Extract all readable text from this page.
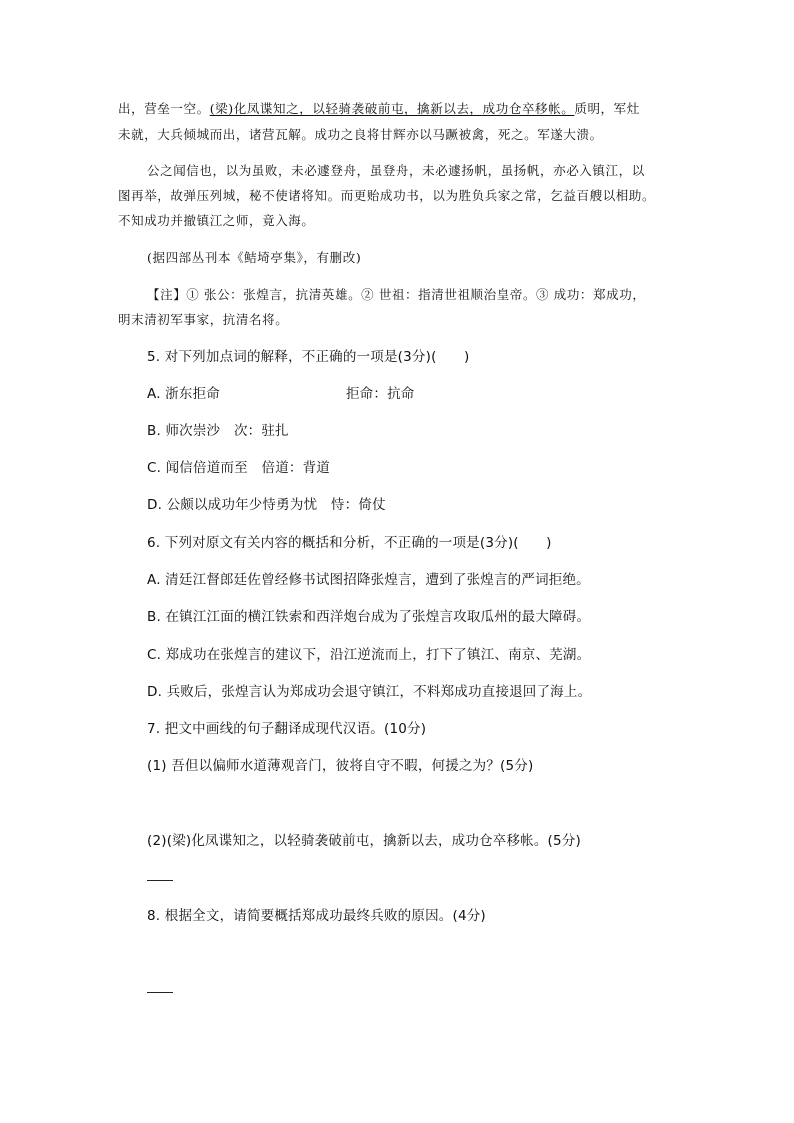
出，营垒一空。(梁)化凤谍知之，以轻骑袭破前屯，擒新以去，成功仓卒移帐。质明，军灶

未就，大兵倾城而出，诸营瓦解。成功之良将甘辉亦以马蹶被禽，死之。军遂大溃。

公之闻信也，以为虽败，未必遽登舟，虽登舟，未必遽扬帆，虽扬帆，亦必入镇江，以

图再举，故弹压列城，秘不使诸将知。而更贻成功书，以为胜负兵家之常，乞益百艘以相助。

不知成功并撤镇江之师，竟入海。

(据四部丛刊本《鲒埼亭集》，有删改)

【注】① 张公：张煌言，抗清英雄。② 世祖：指清世祖顺治皇帝。③ 成功：郑成功，

明末清初军事家，抗清名将。

5. 对下列加点词的解释，不正确的一项是(3分)(　　)

A. 浙东拒命	拒命：抗命

B. 师次崇沙　次：驻扎

C. 闻信倍道而至　倍道：背道

D. 公颇以成功年少恃勇为忧　恃：倚仗

6. 下列对原文有关内容的概括和分析，不正确的一项是(3分)(　　)

A. 清廷江督郎廷佐曾经修书试图招降张煌言，遭到了张煌言的严词拒绝。

B. 在镇江江面的横江铁索和西洋炮台成为了张煌言攻取瓜州的最大障碍。

C. 郑成功在张煌言的建议下，沿江逆流而上，打下了镇江、南京、芜湖。

D. 兵败后，张煌言认为郑成功会退守镇江，不料郑成功直接退回了海上。

7. 把文中画线的句子翻译成现代汉语。(10分)

(1) 吾但以偏师水道薄观音门，彼将自守不暇，何援之为？(5分)

(2)(梁)化凤谍知之，以轻骑袭破前屯，擒新以去，成功仓卒移帐。(5分)

8. 根据全文，请简要概括郑成功最终兵败的原因。(4分)
